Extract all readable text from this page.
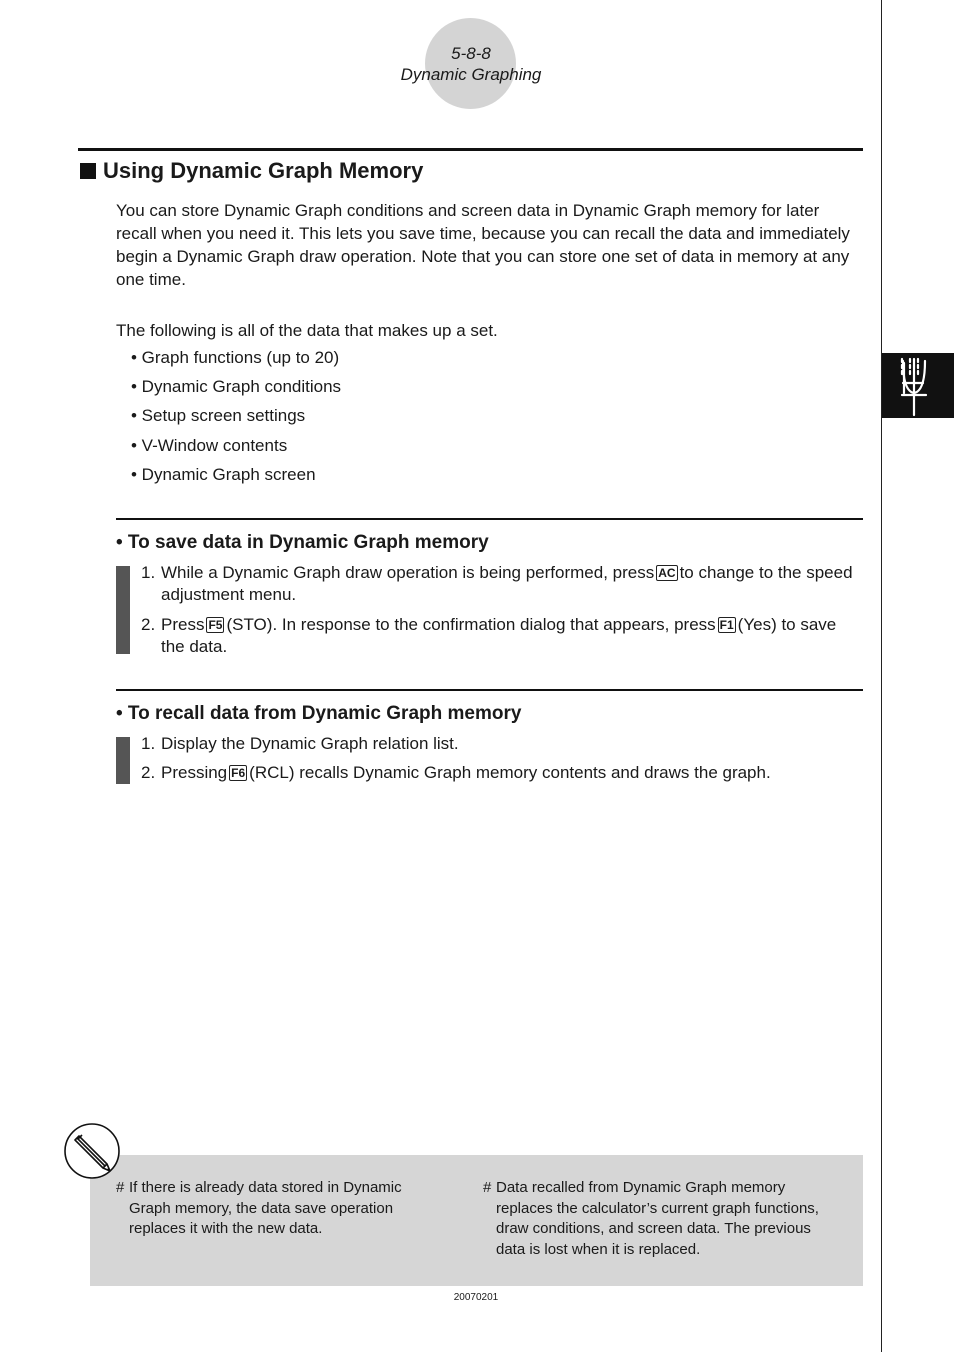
5-8-8
Dynamic Graphing
Using Dynamic Graph Memory
You can store Dynamic Graph conditions and screen data in Dynamic Graph memory for later recall when you need it. This lets you save time, because you can recall the data and immediately begin a Dynamic Graph draw operation. Note that you can store one set of data in memory at any one time.
The following is all of the data that makes up a set.
• Graph functions (up to 20)
• Dynamic Graph conditions
• Setup screen settings
• V-Window contents
• Dynamic Graph screen
• To save data in Dynamic Graph memory
1. While a Dynamic Graph draw operation is being performed, press AC to change to the speed adjustment menu.
2. Press F5 (STO). In response to the confirmation dialog that appears, press F1 (Yes) to save the data.
• To recall data from Dynamic Graph memory
1. Display the Dynamic Graph relation list.
2. Pressing F6 (RCL) recalls Dynamic Graph memory contents and draws the graph.
# If there is already data stored in Dynamic Graph memory, the data save operation replaces it with the new data.
# Data recalled from Dynamic Graph memory replaces the calculator’s current graph functions, draw conditions, and screen data. The previous data is lost when it is replaced.
20070201
